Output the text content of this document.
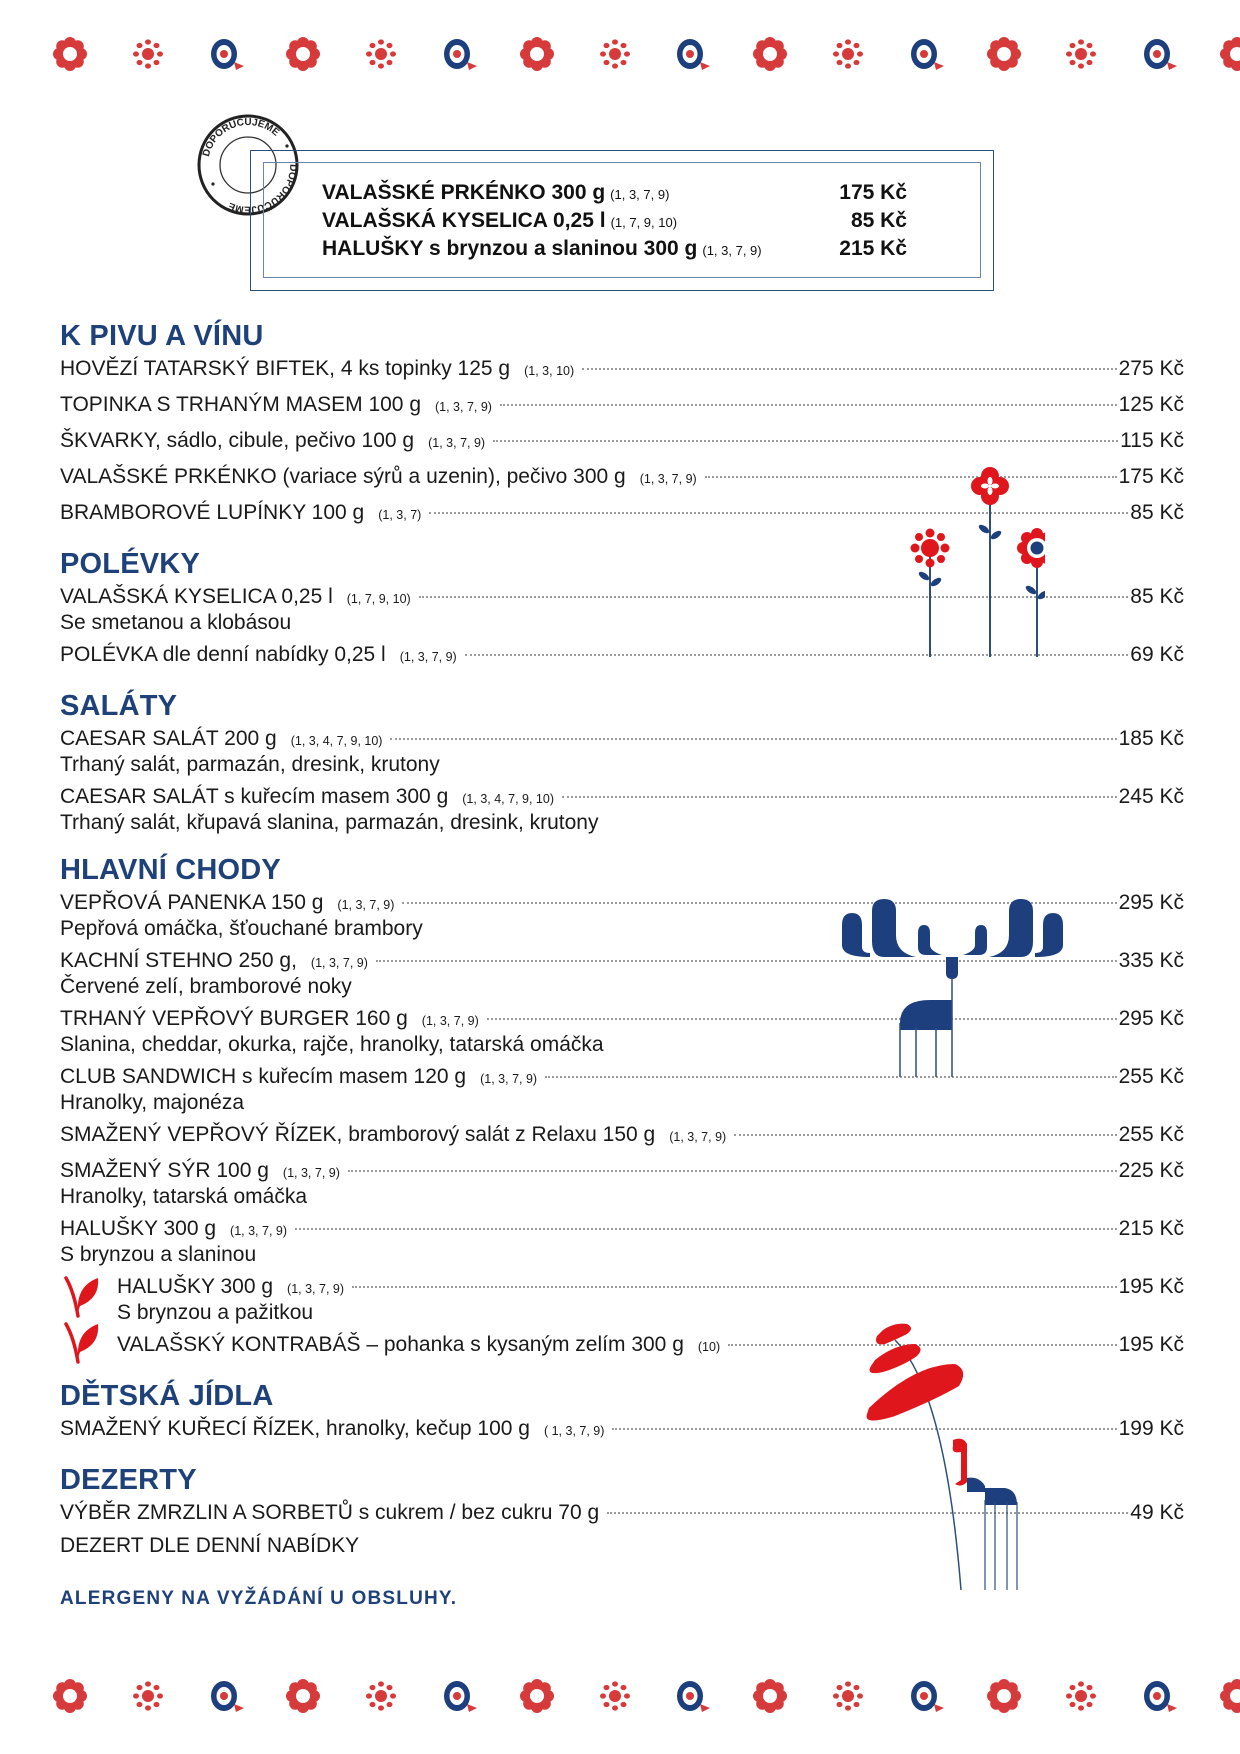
DOPORUČUJEME
DOPORUČUJEME
VALAŠSKÉ PRKÉNKO 300 g (1, 3, 7, 9)	175 Kč
VALAŠSKÁ KYSELICA 0,25 l (1, 7, 9, 10)	85 Kč
HALUŠKY s brynzou a slaninou 300 g (1, 3, 7, 9)	215 Kč
K PIVU A VÍNU
HOVĚZÍ TATARSKÝ BIFTEK, 4 ks topinky 125 g (1, 3, 10)	275 Kč
TOPINKA S TRHANÝM MASEM 100 g (1, 3, 7, 9)	125 Kč
ŠKVARKY, sádlo, cibule, pečivo 100 g (1, 3, 7, 9)	115 Kč
VALAŠSKÉ PRKÉNKO (variace sýrů a uzenin), pečivo 300 g (1, 3, 7, 9)	175 Kč
BRAMBOROVÉ LUPÍNKY 100 g (1, 3, 7)	85 Kč
POLÉVKY
VALAŠSKÁ KYSELICA 0,25 l (1, 7, 9, 10)	85 Kč
Se smetanou a klobásou
POLÉVKA dle denní nabídky 0,25 l (1, 3, 7, 9)	69 Kč
SALÁTY
CAESAR SALÁT 200 g (1, 3, 4, 7, 9, 10)	185 Kč
Trhaný salát, parmazán, dresink, krutony
CAESAR SALÁT s kuřecím masem 300 g (1, 3, 4, 7, 9, 10)	245 Kč
Trhaný salát, křupavá slanina, parmazán, dresink, krutony
HLAVNÍ CHODY
VEPŘOVÁ PANENKA 150 g (1, 3, 7, 9)	295 Kč
Pepřová omáčka, šťouchané brambory
KACHNÍ STEHNO 250 g, (1, 3, 7, 9)	335 Kč
Červené zelí, bramborové noky
TRHANÝ VEPŘOVÝ BURGER 160 g (1, 3, 7, 9)	295 Kč
Slanina, cheddar, okurka, rajče, hranolky, tatarská omáčka
CLUB SANDWICH s kuřecím masem 120 g (1, 3, 7, 9)	255 Kč
Hranolky, majonéza
SMAŽENÝ VEPŘOVÝ ŘÍZEK, bramborový salát z Relaxu 150 g (1, 3, 7, 9)	255 Kč
SMAŽENÝ SÝR 100 g (1, 3, 7, 9)	225 Kč
Hranolky, tatarská omáčka
HALUŠKY 300 g (1, 3, 7, 9)	215 Kč
S brynzou a slaninou
HALUŠKY 300 g (1, 3, 7, 9)	195 Kč
S brynzou a pažitkou
VALAŠSKÝ KONTRABÁŠ – pohanka s kysaným zelím 300 g (10)	195 Kč
DĚTSKÁ JÍDLA
SMAŽENÝ KUŘECÍ ŘÍZEK, hranolky, kečup 100 g ( 1, 3, 7, 9)	199 Kč
DEZERTY
VÝBĚR ZMRZLIN A SORBETŮ s cukrem / bez cukru 70 g	49 Kč
DEZERT DLE DENNÍ NABÍDKY
ALERGENY NA VYŽÁDÁNÍ U OBSLUHY.
